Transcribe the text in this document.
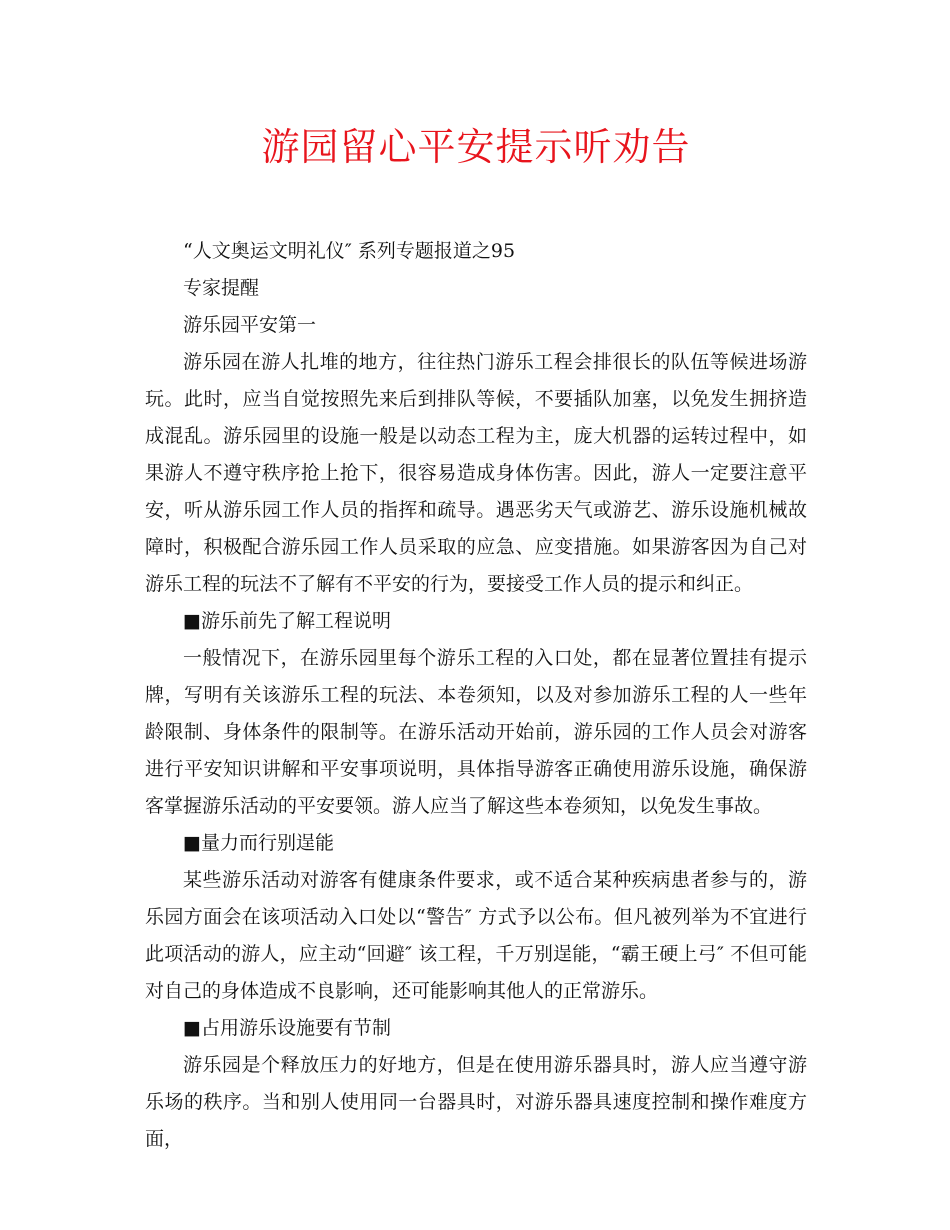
游园留心平安提示听劝告

“人文奥运文明礼仪″ 系列专题报道之95

专家提醒

游乐园平安第一

游乐园在游人扎堆的地方，往往热门游乐工程会排很长的队伍等候进场游玩。此时，应当自觉按照先来后到排队等候，不要插队加塞，以免发生拥挤造成混乱。游乐园里的设施一般是以动态工程为主，庞大机器的运转过程中，如果游人不遵守秩序抢上抢下，很容易造成身体伤害。因此，游人一定要注意平安，听从游乐园工作人员的指挥和疏导。遇恶劣天气或游艺、游乐设施机械故障时，积极配合游乐园工作人员采取的应急、应变措施。如果游客因为自己对游乐工程的玩法不了解有不平安的行为，要接受工作人员的提示和纠正。

■游乐前先了解工程说明

一般情况下，在游乐园里每个游乐工程的入口处，都在显著位置挂有提示牌，写明有关该游乐工程的玩法、本卷须知，以及对参加游乐工程的人一些年龄限制、身体条件的限制等。在游乐活动开始前，游乐园的工作人员会对游客进行平安知识讲解和平安事项说明，具体指导游客正确使用游乐设施，确保游客掌握游乐活动的平安要领。游人应当了解这些本卷须知，以免发生事故。

■量力而行别逞能

某些游乐活动对游客有健康条件要求，或不适合某种疾病患者参与的，游乐园方面会在该项活动入口处以“警告″ 方式予以公布。但凡被列举为不宜进行此项活动的游人，应主动“回避″ 该工程，千万别逞能，“霸王硬上弓″ 不但可能对自己的身体造成不良影响，还可能影响其他人的正常游乐。

■占用游乐设施要有节制

游乐园是个释放压力的好地方，但是在使用游乐器具时，游人应当遵守游乐场的秩序。当和别人使用同一台器具时，对游乐器具速度控制和操作难度方面，
